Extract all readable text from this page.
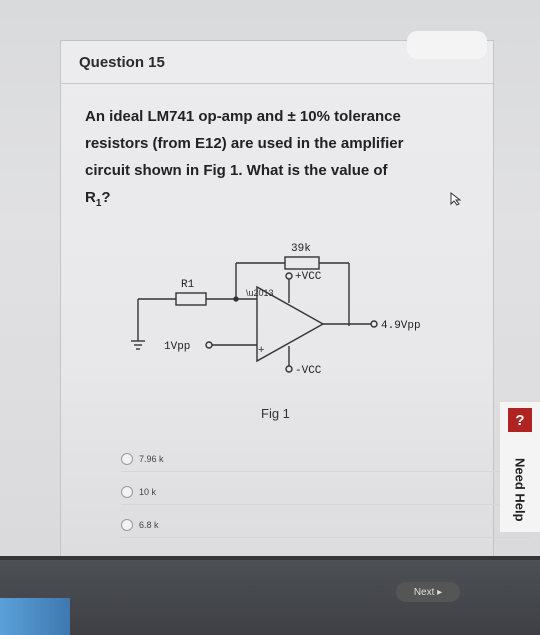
Question 15
An ideal LM741 op-amp and ± 10% tolerance
resistors (from E12) are used in the amplifier
circuit shown in Fig 1. What is the value of
$R_1$?
\u2013
+
39k
R1
+VCC
-VCC
1Vpp
4.9Vpp
Fig 1
7.96 k
10 k
6.8 k
?
Need Help
Next ▸
